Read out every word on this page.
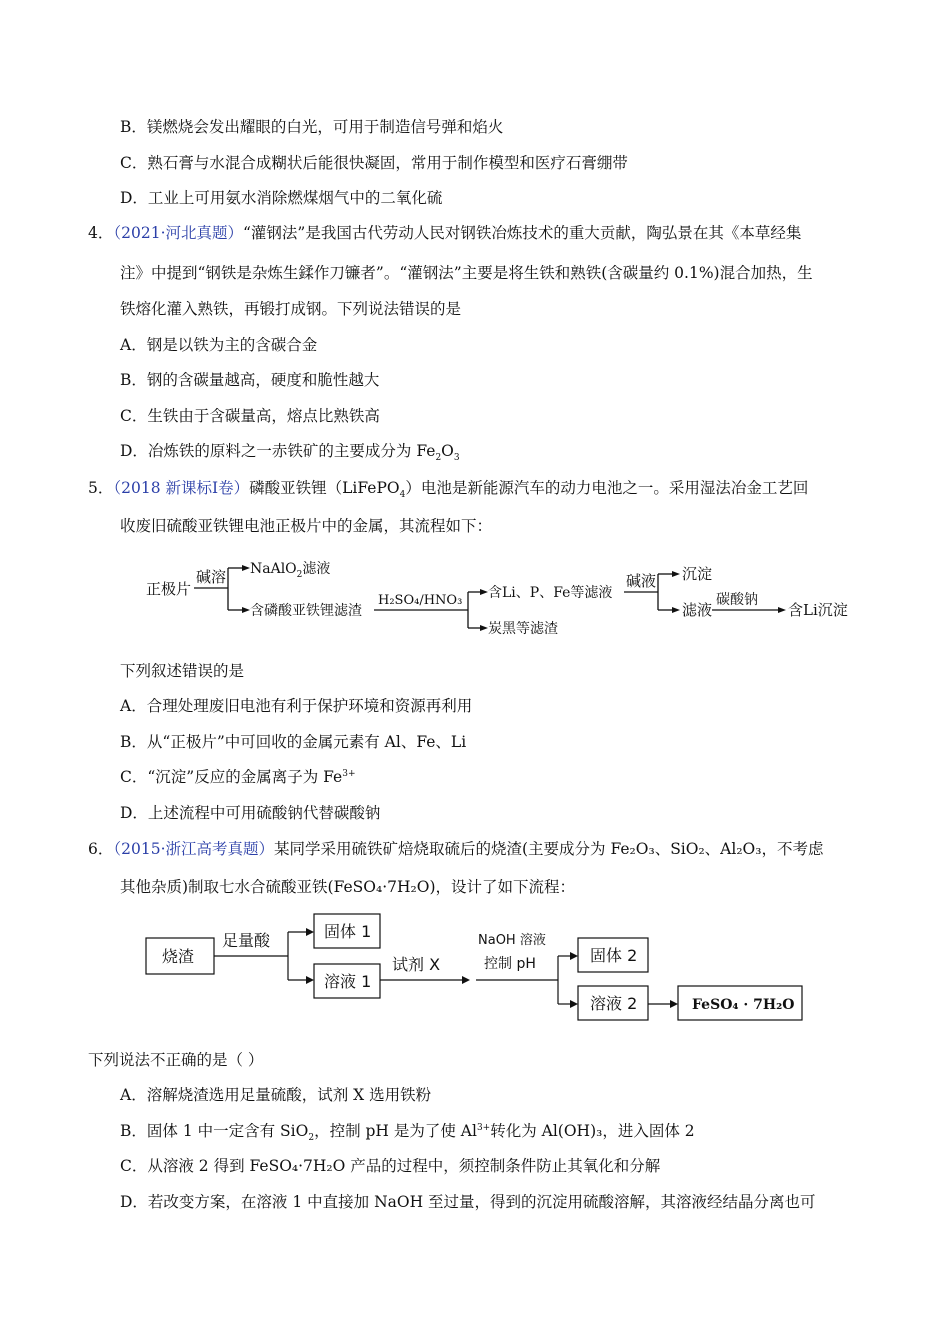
B．镁燃烧会发出耀眼的白光，可用于制造信号弹和焰火
C．熟石膏与水混合成糊状后能很快凝固，常用于制作模型和医疗石膏绷带
D．工业上可用氨水消除燃煤烟气中的二氧化硫
4．（2021·河北真题）“灌钢法”是我国古代劳动人民对钢铁冶炼技术的重大贡献，陶弘景在其《本草经集
注》中提到“钢铁是杂炼生鍒作刀镰者”。“灌钢法”主要是将生铁和熟铁(含碳量约 0.1%)混合加热，生
铁熔化灌入熟铁，再锻打成钢。下列说法错误的是
A．钢是以铁为主的含碳合金
B．钢的含碳量越高，硬度和脆性越大
C．生铁由于含碳量高，熔点比熟铁高
D．冶炼铁的原料之一赤铁矿的主要成分为 $Fe_2O_3$
5．（2018 新课标Ⅰ卷）磷酸亚铁锂（LiFePO$_4$）电池是新能源汽车的动力电池之一。采用湿法冶金工艺回
收废旧硫酸亚铁锂电池正极片中的金属，其流程如下：
正极片
碱溶 NaAlO$_2$滤液
含磷酸亚铁锂滤渣
H₂SO₄/HNO₃ 含Li、P、Fe等滤液
炭黑等滤渣
碱液 沉淀
滤液
碳酸钠
含Li沉淀
下列叙述错误的是
A．合理处理废旧电池有利于保护环境和资源再利用
B．从“正极片”中可回收的金属元素有 Al、Fe、Li
C．“沉淀”反应的金属离子为 $Fe^{3+}$
D．上述流程中可用硫酸钠代替碳酸钠
6．（2015·浙江高考真题）某同学采用硫铁矿焙烧取硫后的烧渣(主要成分为 Fe₂O₃、SiO₂、Al₂O₃，不考虑
其他杂质)制取七水合硫酸亚铁(FeSO₄·7H₂O)，设计了如下流程：
烧渣
足量酸	固体 1
溶液 1
试剂 X
NaOH 溶液
控制 pH	固体 2
溶液 2	FeSO₄ · 7H₂O
下列说法不正确的是（ ）
A．溶解烧渣选用足量硫酸，试剂 X 选用铁粉
B．固体 1 中一定含有 SiO$_2$，控制 pH 是为了使 $Al^{3+}$转化为 Al(OH)₃，进入固体 2
C．从溶液 2 得到 FeSO₄·7H₂O 产品的过程中，须控制条件防止其氧化和分解
D．若改变方案，在溶液 1 中直接加 NaOH 至过量，得到的沉淀用硫酸溶解，其溶液经结晶分离也可
